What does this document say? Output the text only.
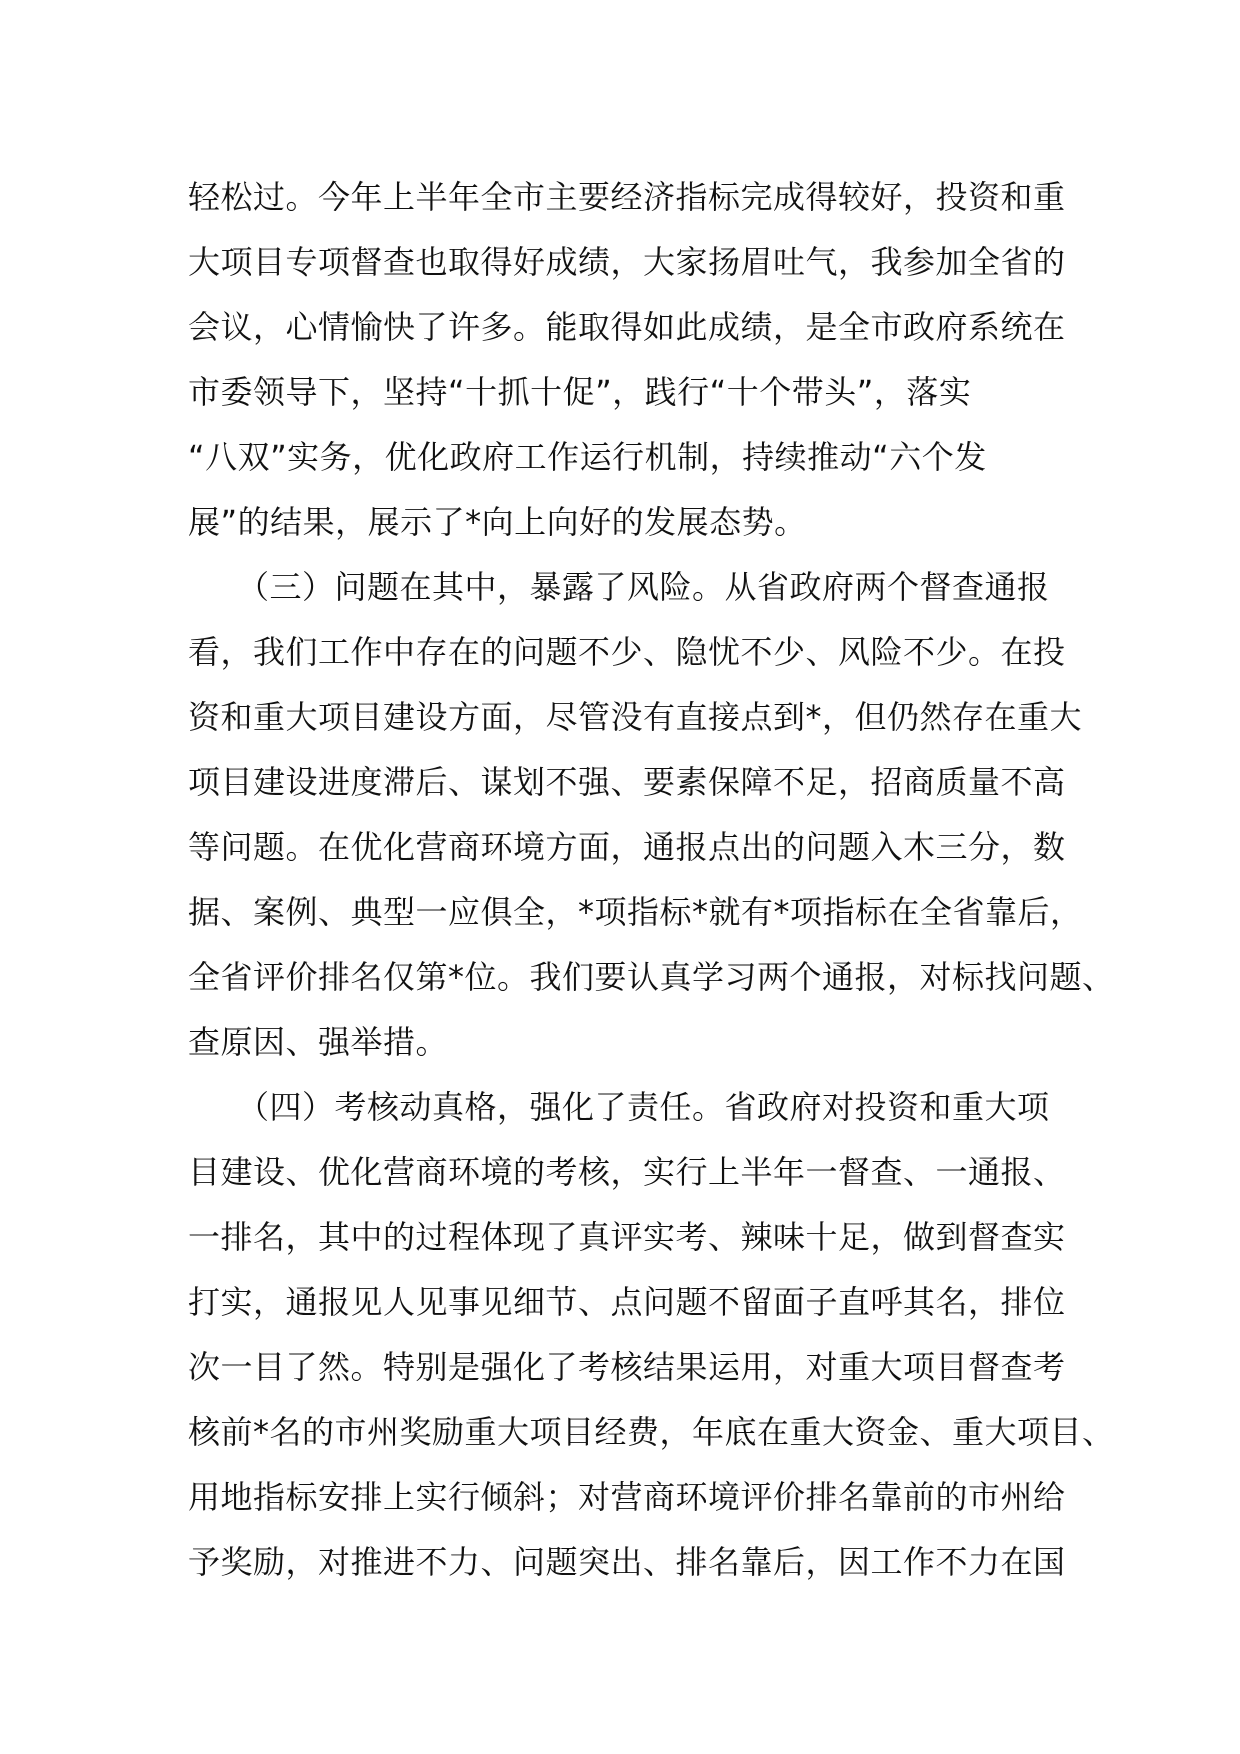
轻松过。今年上半年全市主要经济指标完成得较好，投资和重
大项目专项督查也取得好成绩，大家扬眉吐气，我参加全省的
会议，心情愉快了许多。能取得如此成绩，是全市政府系统在
市委领导下，坚持“十抓十促”，践行“十个带头”，落实
“八双”实务，优化政府工作运行机制，持续推动“六个发
展”的结果，展示了*向上向好的发展态势。
　　（三）问题在其中，暴露了风险。从省政府两个督查通报
看，我们工作中存在的问题不少、隐忧不少、风险不少。在投
资和重大项目建设方面，尽管没有直接点到*，但仍然存在重大
项目建设进度滞后、谋划不强、要素保障不足，招商质量不高
等问题。在优化营商环境方面，通报点出的问题入木三分，数
据、案例、典型一应俱全，*项指标*就有*项指标在全省靠后，
全省评价排名仅第*位。我们要认真学习两个通报，对标找问题、
查原因、强举措。
　　（四）考核动真格，强化了责任。省政府对投资和重大项
目建设、优化营商环境的考核，实行上半年一督查、一通报、
一排名，其中的过程体现了真评实考、辣味十足，做到督查实
打实，通报见人见事见细节、点问题不留面子直呼其名，排位
次一目了然。特别是强化了考核结果运用，对重大项目督查考
核前*名的市州奖励重大项目经费，年底在重大资金、重大项目、
用地指标安排上实行倾斜；对营商环境评价排名靠前的市州给
予奖励，对推进不力、问题突出、排名靠后，因工作不力在国
